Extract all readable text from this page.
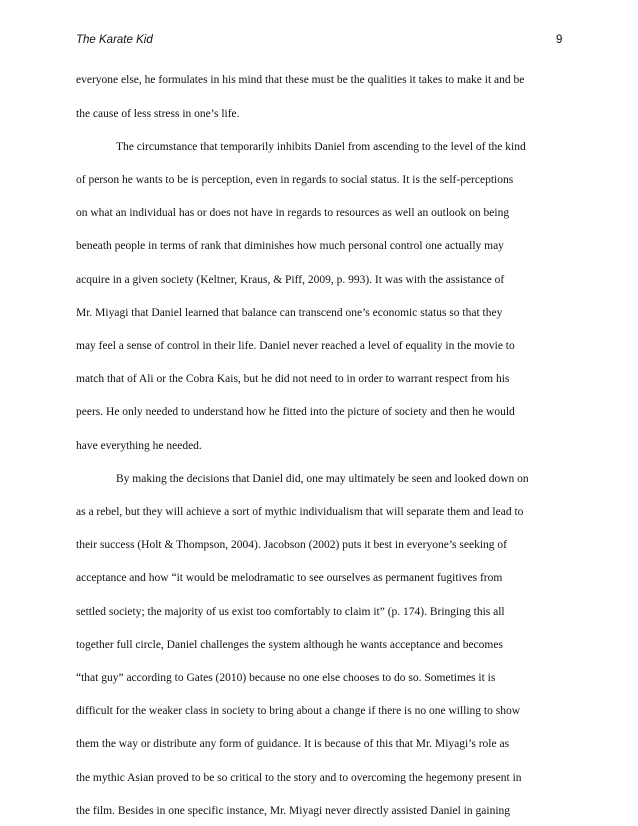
The Karate Kid	9
everyone else, he formulates in his mind that these must be the qualities it takes to make it and be
the cause of less stress in one’s life.
The circumstance that temporarily inhibits Daniel from ascending to the level of the kind
of person he wants to be is perception, even in regards to social status. It is the self-perceptions
on what an individual has or does not have in regards to resources as well an outlook on being
beneath people in terms of rank that diminishes how much personal control one actually may
acquire in a given society (Keltner, Kraus, & Piff, 2009, p. 993). It was with the assistance of
Mr. Miyagi that Daniel learned that balance can transcend one’s economic status so that they
may feel a sense of control in their life. Daniel never reached a level of equality in the movie to
match that of Ali or the Cobra Kais, but he did not need to in order to warrant respect from his
peers. He only needed to understand how he fitted into the picture of society and then he would
have everything he needed.
By making the decisions that Daniel did, one may ultimately be seen and looked down on
as a rebel, but they will achieve a sort of mythic individualism that will separate them and lead to
their success (Holt & Thompson, 2004). Jacobson (2002) puts it best in everyone’s seeking of
acceptance and how “it would be melodramatic to see ourselves as permanent fugitives from
settled society; the majority of us exist too comfortably to claim it” (p. 174). Bringing this all
together full circle, Daniel challenges the system although he wants acceptance and becomes
“that guy” according to Gates (2010) because no one else chooses to do so. Sometimes it is
difficult for the weaker class in society to bring about a change if there is no one willing to show
them the way or distribute any form of guidance. It is because of this that Mr. Miyagi’s role as
the mythic Asian proved to be so critical to the story and to overcoming the hegemony present in
the film. Besides in one specific instance, Mr. Miyagi never directly assisted Daniel in gaining
